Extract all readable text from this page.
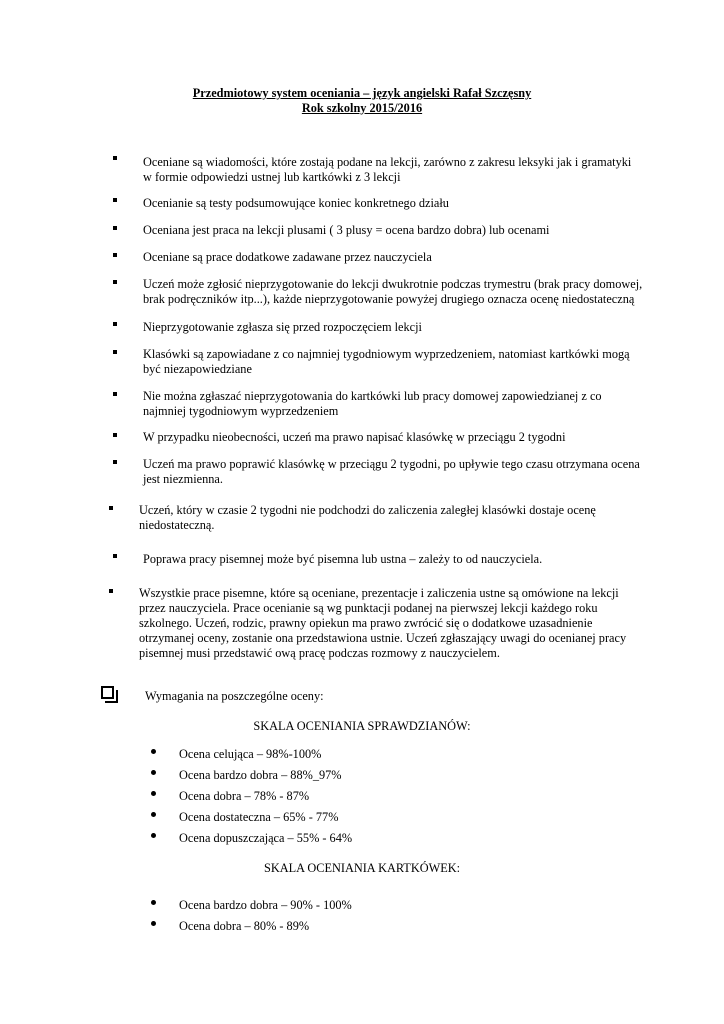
Przedmiotowy system oceniania – język angielski Rafał Szczęsny
Rok szkolny 2015/2016
Oceniane są wiadomości, które zostają podane na lekcji, zarówno z zakresu leksyki jak i gramatyki
w formie odpowiedzi ustnej lub kartkówki z 3 lekcji
Ocenianie są testy podsumowujące koniec konkretnego działu
Oceniana jest praca na lekcji plusami ( 3 plusy = ocena bardzo dobra) lub ocenami
Oceniane są prace dodatkowe zadawane przez nauczyciela
Uczeń może zgłosić nieprzygotowanie do lekcji dwukrotnie podczas trymestru (brak pracy domowej,
brak podręczników itp...), każde nieprzygotowanie powyżej drugiego oznacza ocenę niedostateczną
Nieprzygotowanie zgłasza się przed rozpoczęciem lekcji
Klasówki są zapowiadane z co najmniej tygodniowym wyprzedzeniem, natomiast kartkówki mogą
być niezapowiedziane
Nie można zgłaszać nieprzygotowania do kartkówki lub pracy domowej zapowiedzianej z co
najmniej tygodniowym wyprzedzeniem
W przypadku nieobecności, uczeń ma prawo napisać klasówkę w przeciągu 2 tygodni
Uczeń ma prawo poprawić klasówkę w przeciągu 2 tygodni, po upływie tego czasu otrzymana ocena
jest niezmienna.
Uczeń, który w czasie 2 tygodni nie podchodzi do zaliczenia zaległej klasówki dostaje ocenę
niedostateczną.
Poprawa pracy pisemnej może być pisemna lub ustna – zależy to od nauczyciela.
Wszystkie prace pisemne, które są oceniane, prezentacje i zaliczenia ustne są omówione na lekcji
przez nauczyciela. Prace ocenianie są wg punktacji podanej na pierwszej lekcji każdego roku
szkolnego. Uczeń, rodzic, prawny opiekun ma prawo zwrócić się o dodatkowe uzasadnienie
otrzymanej oceny, zostanie ona przedstawiona ustnie. Uczeń zgłaszający uwagi do ocenianej pracy
pisemnej musi przedstawić ową pracę podczas rozmowy z nauczycielem.
Wymagania na poszczególne oceny:
SKALA OCENIANIA SPRAWDZIANÓW:
Ocena celująca – 98%-100%
Ocena bardzo dobra – 88%_97%
Ocena dobra – 78% - 87%
Ocena dostateczna – 65% - 77%
Ocena dopuszczająca – 55% - 64%
SKALA OCENIANIA KARTKÓWEK:
Ocena bardzo dobra – 90% - 100%
Ocena dobra – 80% - 89%
